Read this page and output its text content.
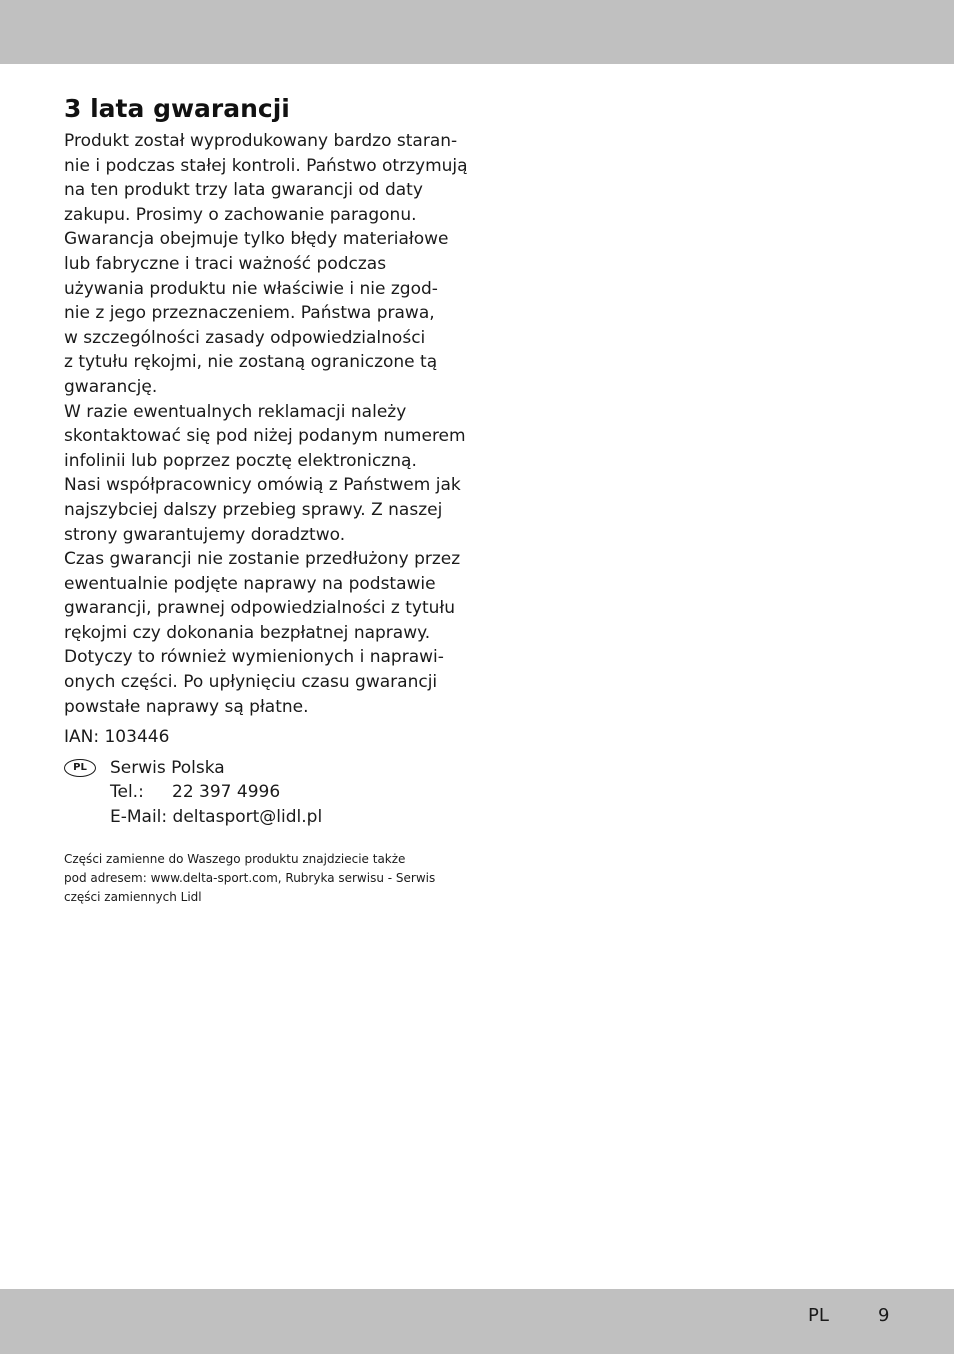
3 lata gwarancji

Produkt został wyprodukowany bardzo staran-
nie i podczas stałej kontroli. Państwo otrzymują
na ten produkt trzy lata gwarancji od daty
zakupu. Prosimy o zachowanie paragonu.
Gwarancja obejmuje tylko błędy materiałowe
lub fabryczne i traci ważność podczas
używania produktu nie właściwie i nie zgod-
nie z jego przeznaczeniem. Państwa prawa,
w szczególności zasady odpowiedzialności
z tytułu rękojmi, nie zostaną ograniczone tą
gwarancję.
W razie ewentualnych reklamacji należy
skontaktować się pod niżej podanym numerem
infolinii lub poprzez pocztę elektroniczną.
Nasi współpracownicy omówią z Państwem jak
najszybciej dalszy przebieg sprawy. Z naszej
strony gwarantujemy doradztwo.
Czas gwarancji nie zostanie przedłużony przez
ewentualnie podjęte naprawy na podstawie
gwarancji, prawnej odpowiedzialności z tytułu
rękojmi czy dokonania bezpłatnej naprawy.
Dotyczy to również wymienionych i naprawi-
onych części. Po upłynięciu czasu gwarancji
powstałe naprawy są płatne.

IAN: 103446
PL	Serwis Polska
Tel.: 22 397 4996
E-Mail: deltasport@lidl.pl
Części zamienne do Waszego produktu znajdziecie także
pod adresem: www.delta-sport.com, Rubryka serwisu - Serwis
części zamiennych Lidl
PL	9
